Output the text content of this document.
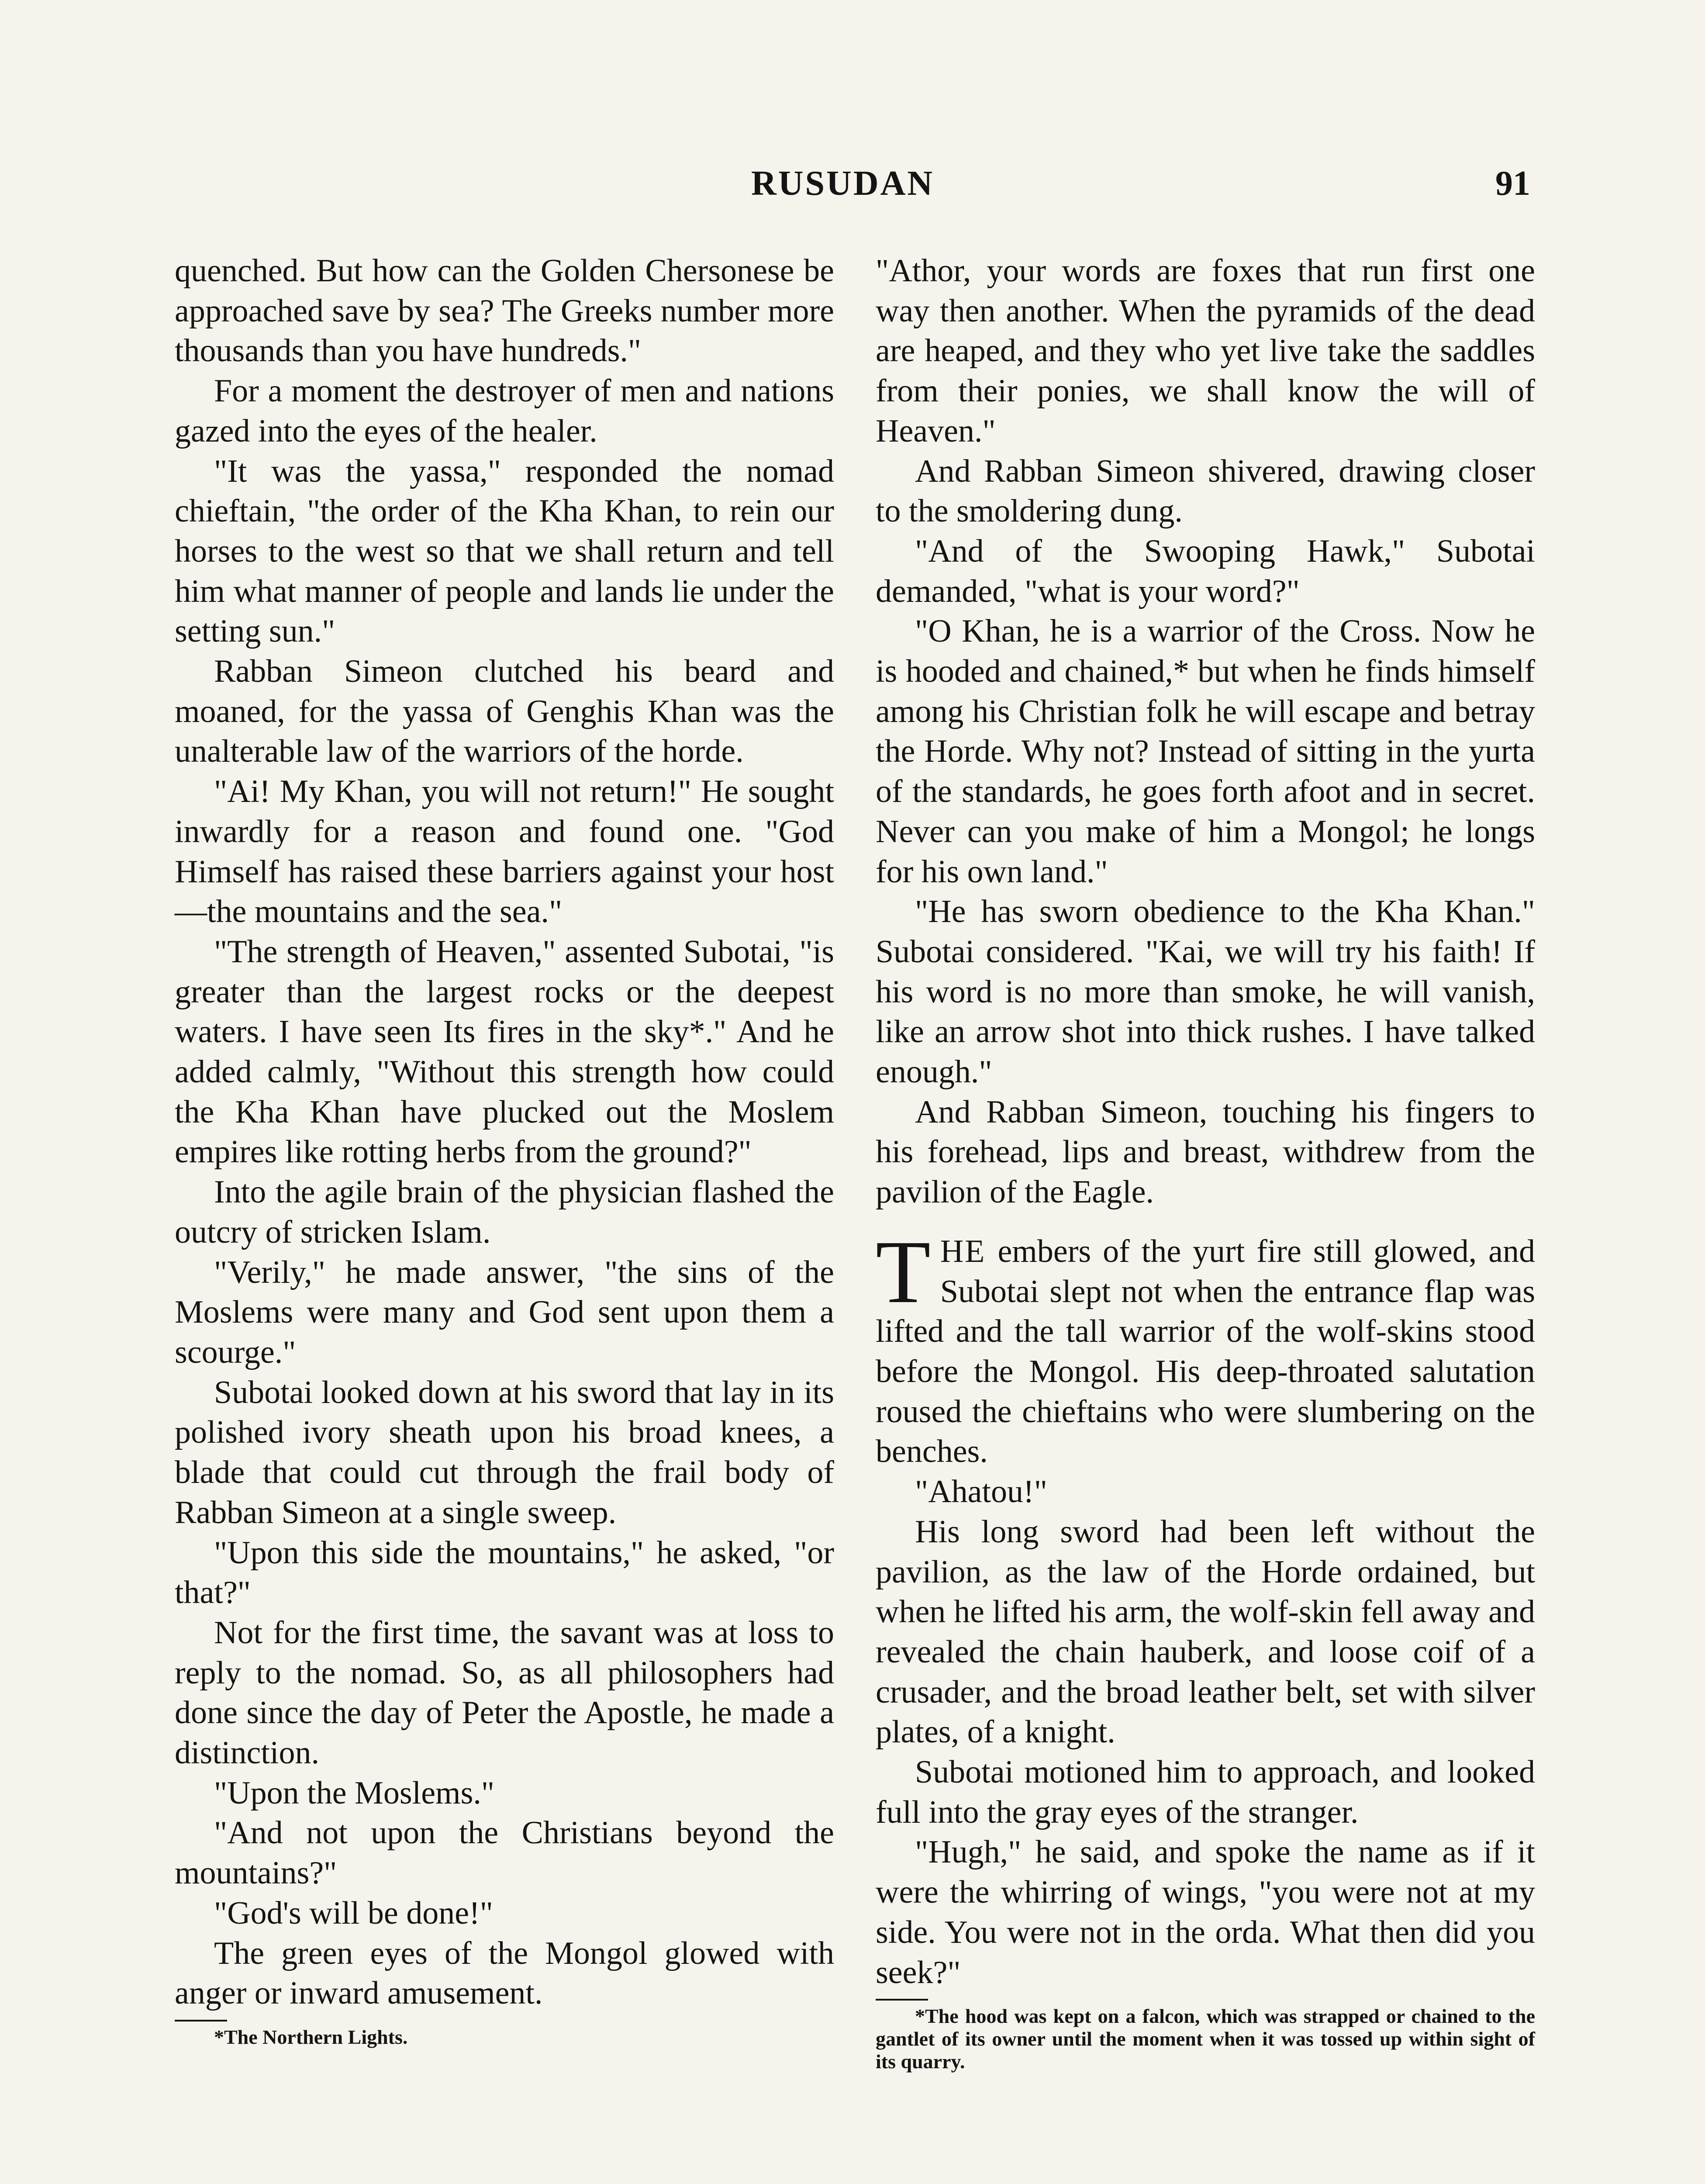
RUSUDAN	91

quenched. But how can the Golden Chersonese be approached save by sea? The Greeks number more thousands than you have hundreds."

For a moment the destroyer of men and nations gazed into the eyes of the healer.

"It was the yassa," responded the nomad chieftain, "the order of the Kha Khan, to rein our horses to the west so that we shall return and tell him what manner of people and lands lie under the setting sun."

Rabban Simeon clutched his beard and moaned, for the yassa of Genghis Khan was the unalterable law of the warriors of the horde.

"Ai! My Khan, you will not return!" He sought inwardly for a reason and found one. "God Himself has raised these barriers against your host—the mountains and the sea."

"The strength of Heaven," assented Subotai, "is greater than the largest rocks or the deepest waters. I have seen Its fires in the sky*." And he added calmly, "Without this strength how could the Kha Khan have plucked out the Moslem empires like rotting herbs from the ground?"

Into the agile brain of the physician flashed the outcry of stricken Islam.

"Verily," he made answer, "the sins of the Moslems were many and God sent upon them a scourge."

Subotai looked down at his sword that lay in its polished ivory sheath upon his broad knees, a blade that could cut through the frail body of Rabban Simeon at a single sweep.

"Upon this side the mountains," he asked, "or that?"

Not for the first time, the savant was at loss to reply to the nomad. So, as all philosophers had done since the day of Peter the Apostle, he made a distinction.

"Upon the Moslems."

"And not upon the Christians beyond the mountains?"

"God's will be done!"

The green eyes of the Mongol glowed with anger or inward amusement.

*The Northern Lights.

"Athor, your words are foxes that run first one way then another. When the pyramids of the dead are heaped, and they who yet live take the saddles from their ponies, we shall know the will of Heaven."

And Rabban Simeon shivered, drawing closer to the smoldering dung.

"And of the Swooping Hawk," Subotai demanded, "what is your word?"

"O Khan, he is a warrior of the Cross. Now he is hooded and chained,* but when he finds himself among his Christian folk he will escape and betray the Horde. Why not? Instead of sitting in the yurta of the standards, he goes forth afoot and in secret. Never can you make of him a Mongol; he longs for his own land."

"He has sworn obedience to the Kha Khan." Subotai considered. "Kai, we will try his faith! If his word is no more than smoke, he will vanish, like an arrow shot into thick rushes. I have talked enough."

And Rabban Simeon, touching his fingers to his forehead, lips and breast, withdrew from the pavilion of the Eagle.

THE embers of the yurt fire still glowed, and Subotai slept not when the entrance flap was lifted and the tall warrior of the wolf-skins stood before the Mongol. His deep-throated salutation roused the chieftains who were slumbering on the benches.

"Ahatou!"

His long sword had been left without the pavilion, as the law of the Horde ordained, but when he lifted his arm, the wolf-skin fell away and revealed the chain hauberk, and loose coif of a crusader, and the broad leather belt, set with silver plates, of a knight.

Subotai motioned him to approach, and looked full into the gray eyes of the stranger.

"Hugh," he said, and spoke the name as if it were the whirring of wings, "you were not at my side. You were not in the orda. What then did you seek?"

*The hood was kept on a falcon, which was strapped or chained to the gantlet of its owner until the moment when it was tossed up within sight of its quarry.
